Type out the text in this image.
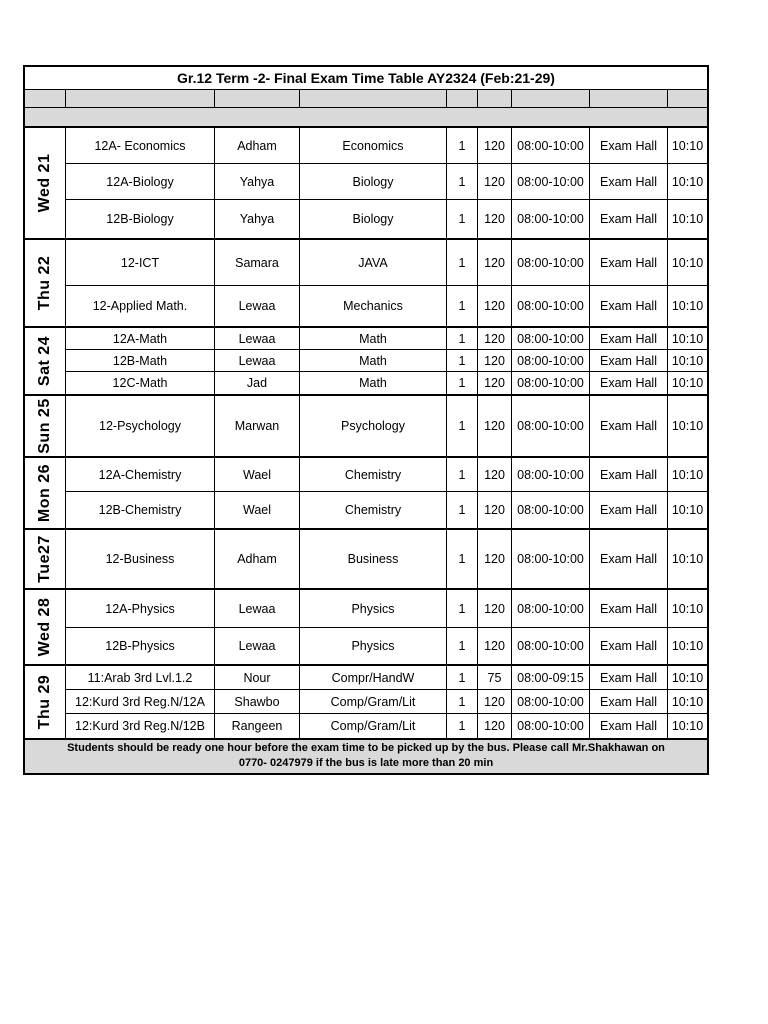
Gr.12 Term -2- Final Exam Time Table AY2324 (Feb:21-29)
Wed 21
12A- Economics	Adham	Economics	1	120 08:00-10:00	Exam Hall	10:10
12A-Biology	Yahya	Biology	1	120 08:00-10:00	Exam Hall	10:10
12B-Biology	Yahya	Biology	1	120 08:00-10:00	Exam Hall	10:10
Thu 22	12-ICT	Samara	JAVA	1	120 08:00-10:00	Exam Hall	10:10
12-Applied Math.	Lewaa	Mechanics	1	120 08:00-10:00	Exam Hall	10:10
Sat 24	12A-Math	Lewaa	Math	1	120 08:00-10:00	Exam Hall	10:10
12B-Math	Lewaa	Math	1	120 08:00-10:00	Exam Hall	10:10
12C-Math	Jad	Math	1	120 08:00-10:00	Exam Hall	10:10
Sun 25	12-Psychology	Marwan	Psychology	1	120 08:00-10:00	Exam Hall	10:10
Mon 26	12A-Chemistry	Wael	Chemistry	1	120 08:00-10:00	Exam Hall	10:10
12B-Chemistry	Wael	Chemistry	1	120 08:00-10:00	Exam Hall	10:10
Tue27	12-Business	Adham	Business	1	120 08:00-10:00	Exam Hall	10:10
Wed 28	12A-Physics	Lewaa	Physics	1	120 08:00-10:00	Exam Hall	10:10
12B-Physics	Lewaa	Physics	1	120 08:00-10:00	Exam Hall	10:10
Thu 29	11:Arab 3rd Lvl.1.2	Nour	Compr/HandW	1	75	08:00-09:15	Exam Hall	10:10
12:Kurd 3rd Reg.N/12A	Shawbo	Comp/Gram/Lit	1	120 08:00-10:00	Exam Hall	10:10
12:Kurd 3rd Reg.N/12B	Rangeen	Comp/Gram/Lit	1	120 08:00-10:00	Exam Hall	10:10
Students should be ready one hour before the exam time to be picked up by the bus. Please call Mr.Shakhawan on
0770- 0247979 if the bus is late more than 20 min
